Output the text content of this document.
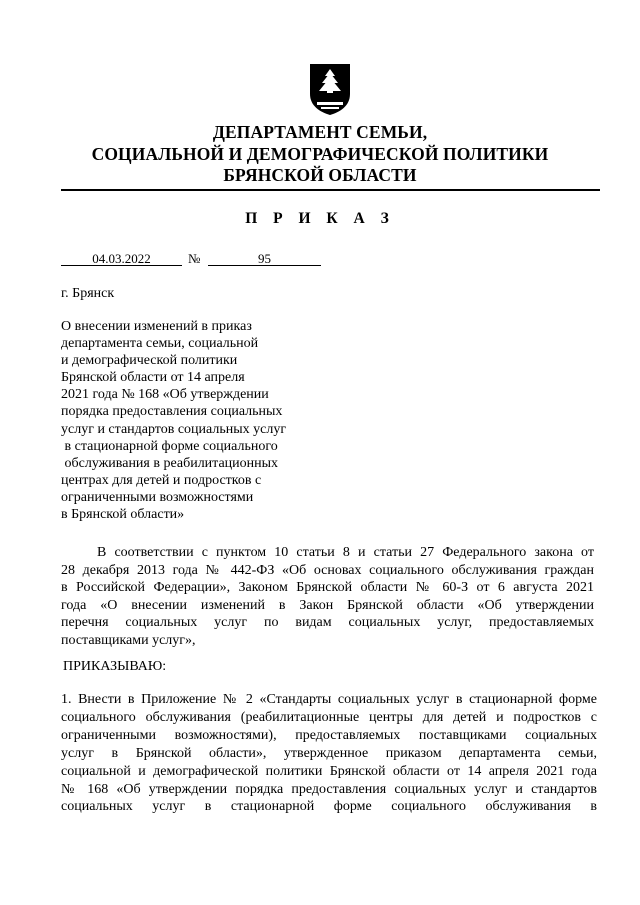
ДЕПАРТАМЕНТ СЕМЬИ,
СОЦИАЛЬНОЙ И ДЕМОГРАФИЧЕСКОЙ ПОЛИТИКИ
БРЯНСКОЙ ОБЛАСТИ
П Р И К А З
04.03.2022	№	95
г. Брянск
О внесении изменений в приказ
департамента семьи, социальной
и демографической политики
Брянской области от 14 апреля
2021 года № 168 «Об утверждении
порядка предоставления социальных
услуг и стандартов социальных услуг
в стационарной форме социального
обслуживания в реабилитационных
центрах для детей и подростков с
ограниченными возможностями
в Брянской области»
В соответствии с пунктом 10 статьи 8 и статьи 27 Федерального закона от
28 декабря 2013 года № 442-ФЗ «Об основах социального обслуживания граждан
в Российской Федерации», Законом Брянской области № 60-З от 6 августа 2021
года «О внесении изменений в Закон Брянской области «Об утверждении
перечня социальных услуг по видам социальных услуг, предоставляемых
поставщиками услуг»,
ПРИКАЗЫВАЮ:
1. Внести в Приложение № 2 «Стандарты социальных услуг в стационарной форме
социального обслуживания (реабилитационные центры для детей и подростков с
ограниченными возможностями), предоставляемых поставщиками социальных
услуг в Брянской области», утвержденное приказом департамента семьи,
социальной и демографической политики Брянской области от 14 апреля 2021 года
№ 168 «Об утверждении порядка предоставления социальных услуг и стандартов
социальных услуг в стационарной форме социального обслуживания в
